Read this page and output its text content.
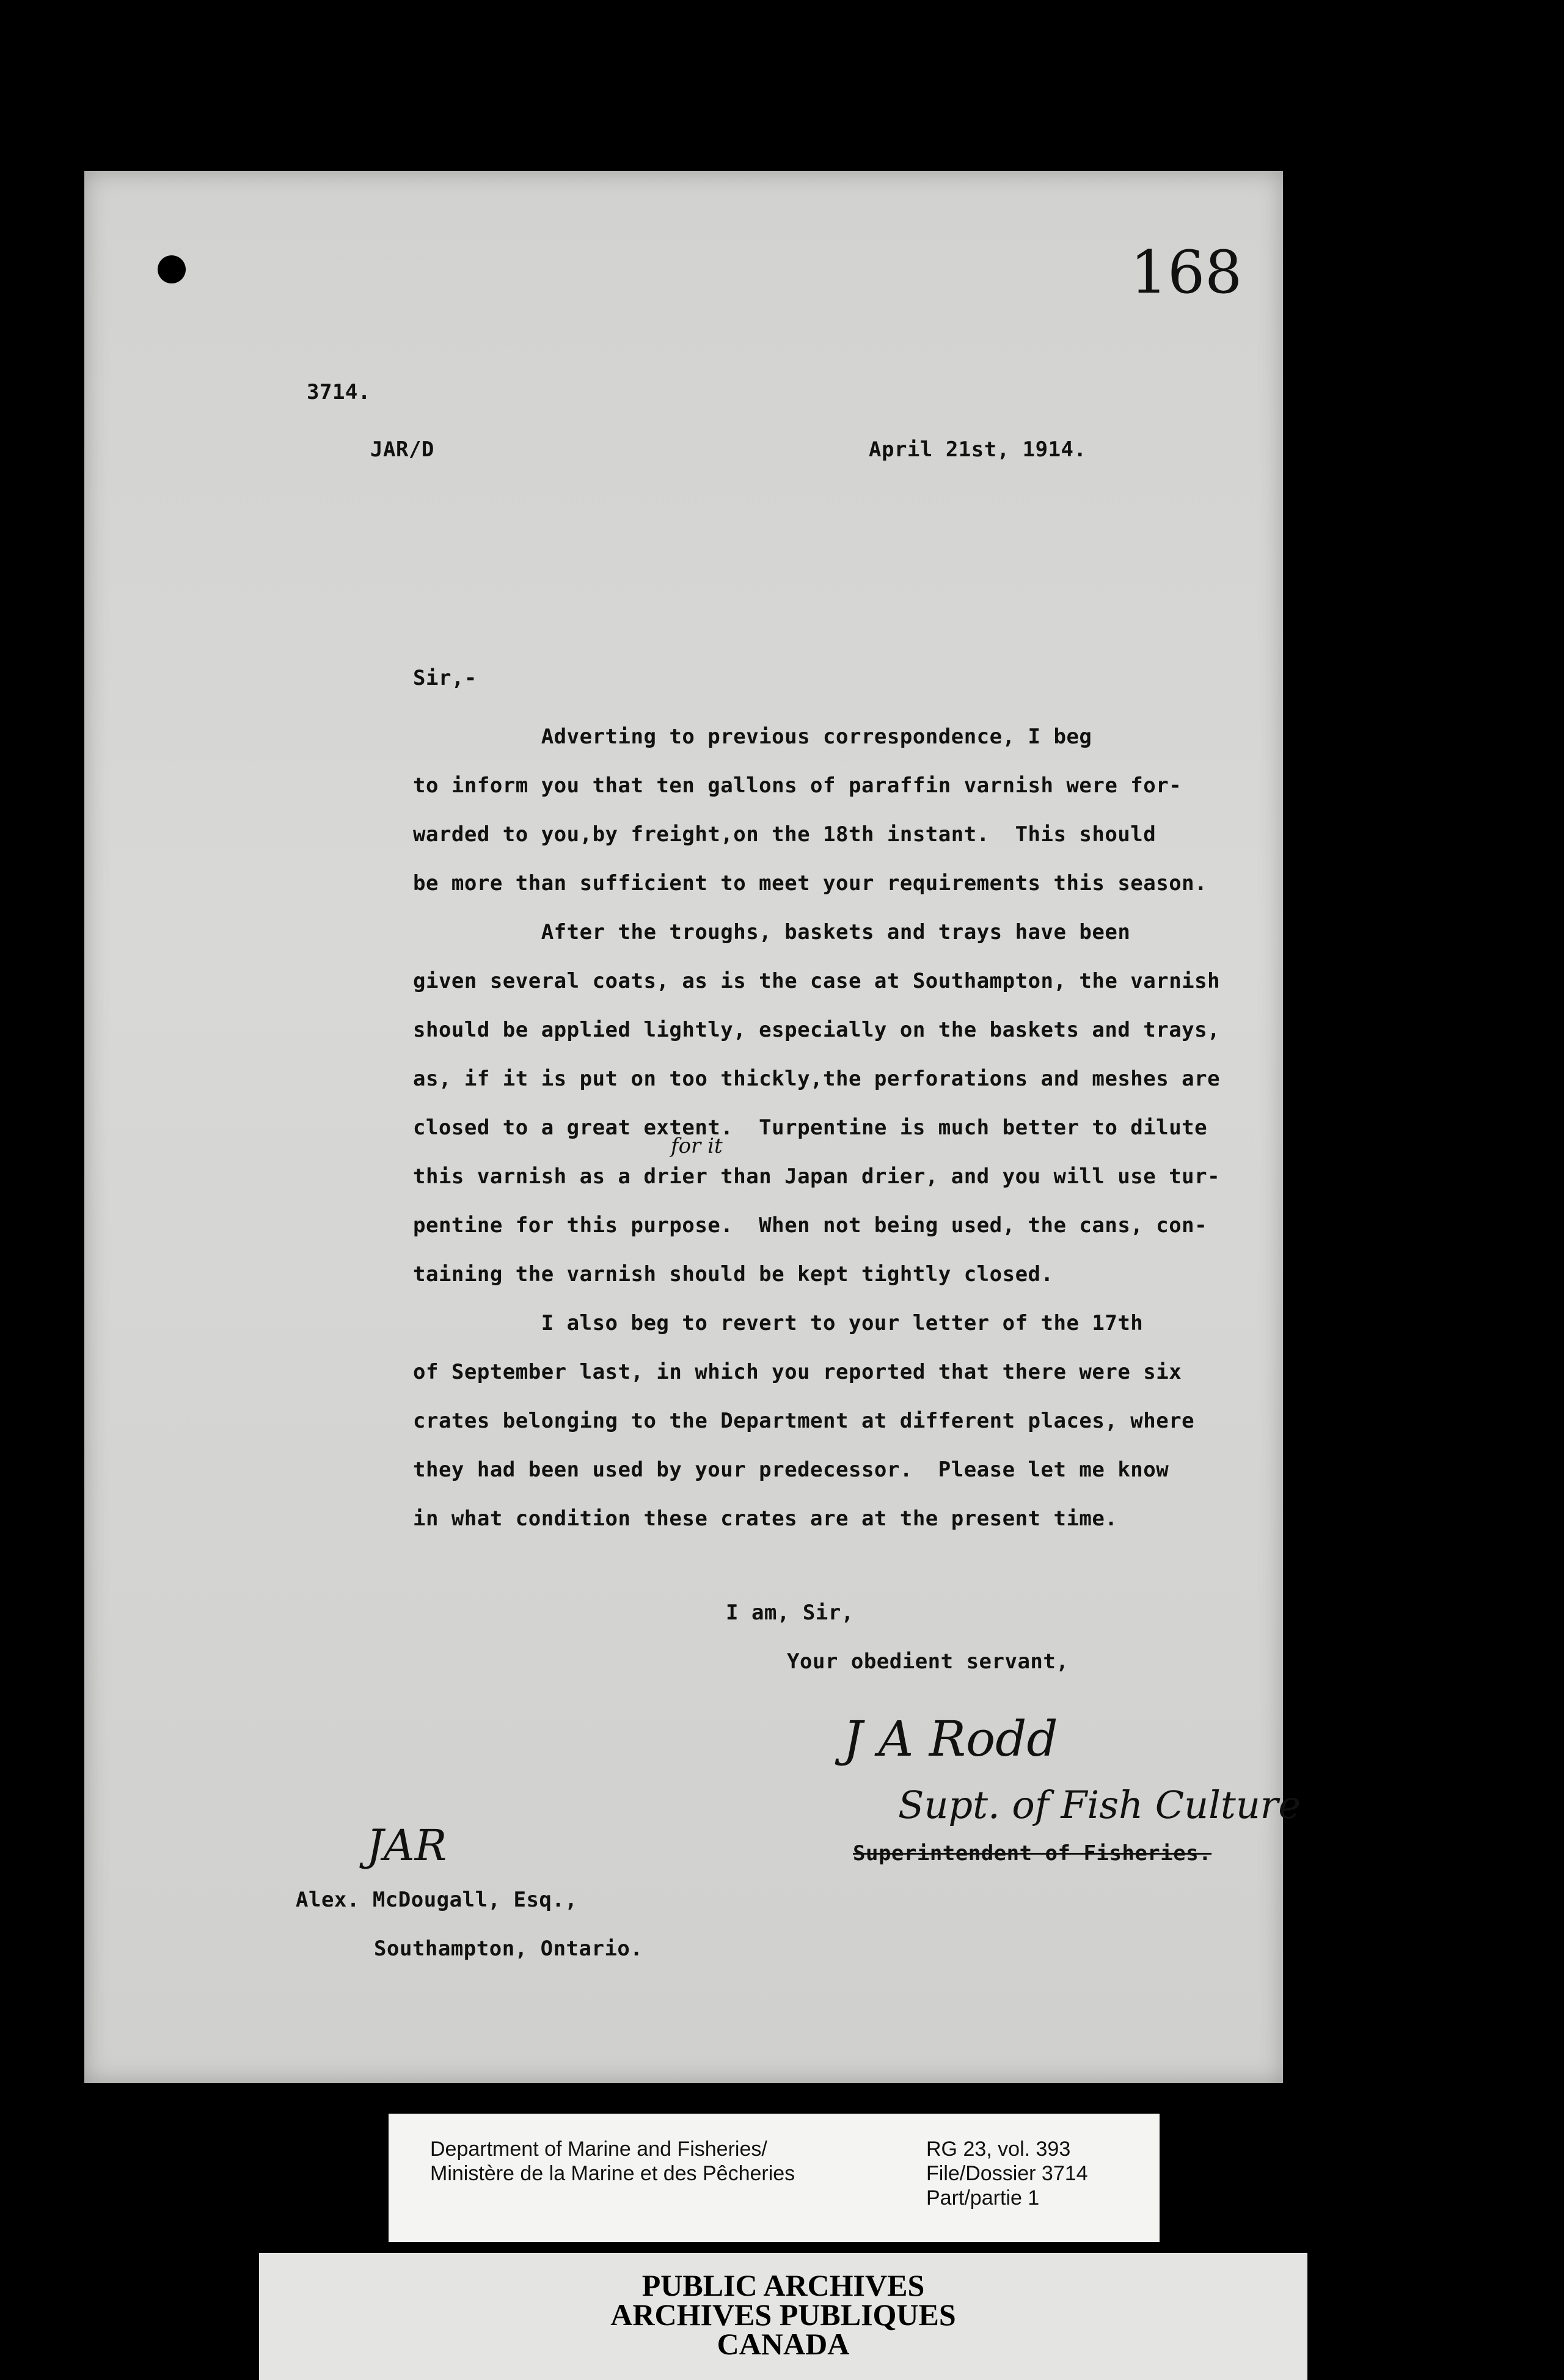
168
3714.
JAR/D	April 21st, 1914.
Sir,-
Adverting to previous correspondence, I beg
to inform you that ten gallons of paraffin varnish were for-
warded to you,by freight,on the 18th instant.  This should
be more than sufficient to meet your requirements this season.
After the troughs, baskets and trays have been
given several coats, as is the case at Southampton, the varnish
should be applied lightly, especially on the baskets and trays,
as, if it is put on too thickly,the perforations and meshes are
closed to a great extent.  Turpentine is much better to dilute
this varnish as a drier than Japan drier, and you will use tur-
pentine for this purpose.  When not being used, the cans, con-
taining the varnish should be kept tightly closed.
I also beg to revert to your letter of the 17th
of September last, in which you reported that there were six
crates belonging to the Department at different places, where
they had been used by your predecessor.  Please let me know
in what condition these crates are at the present time.
for it
I am, Sir,
Your obedient servant,
J A Rodd
Supt. of Fish Culture
Superintendent of Fisheries.
JAR
Alex. McDougall, Esq.,
Southampton, Ontario.
Department of Marine and Fisheries/
Ministère de la Marine et des Pêcheries
RG 23, vol. 393
File/Dossier 3714
Part/partie 1
PUBLIC ARCHIVES
ARCHIVES PUBLIQUES
CANADA
